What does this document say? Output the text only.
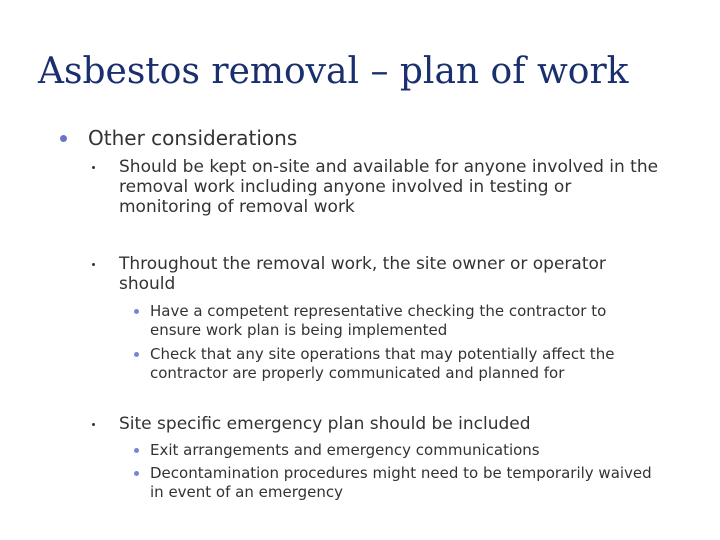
Asbestos removal – plan of work
Other considerations
Should be kept on-site and available for anyone involved in the removal work including anyone involved in testing or monitoring of removal work
Throughout the removal work, the site owner or operator should
Have a competent representative checking the contractor to ensure work plan is being implemented
Check that any site operations that may potentially affect the contractor are properly communicated and planned for
Site specific emergency plan should be included
Exit arrangements and emergency communications
Decontamination procedures might need to be temporarily waived in event of an emergency
